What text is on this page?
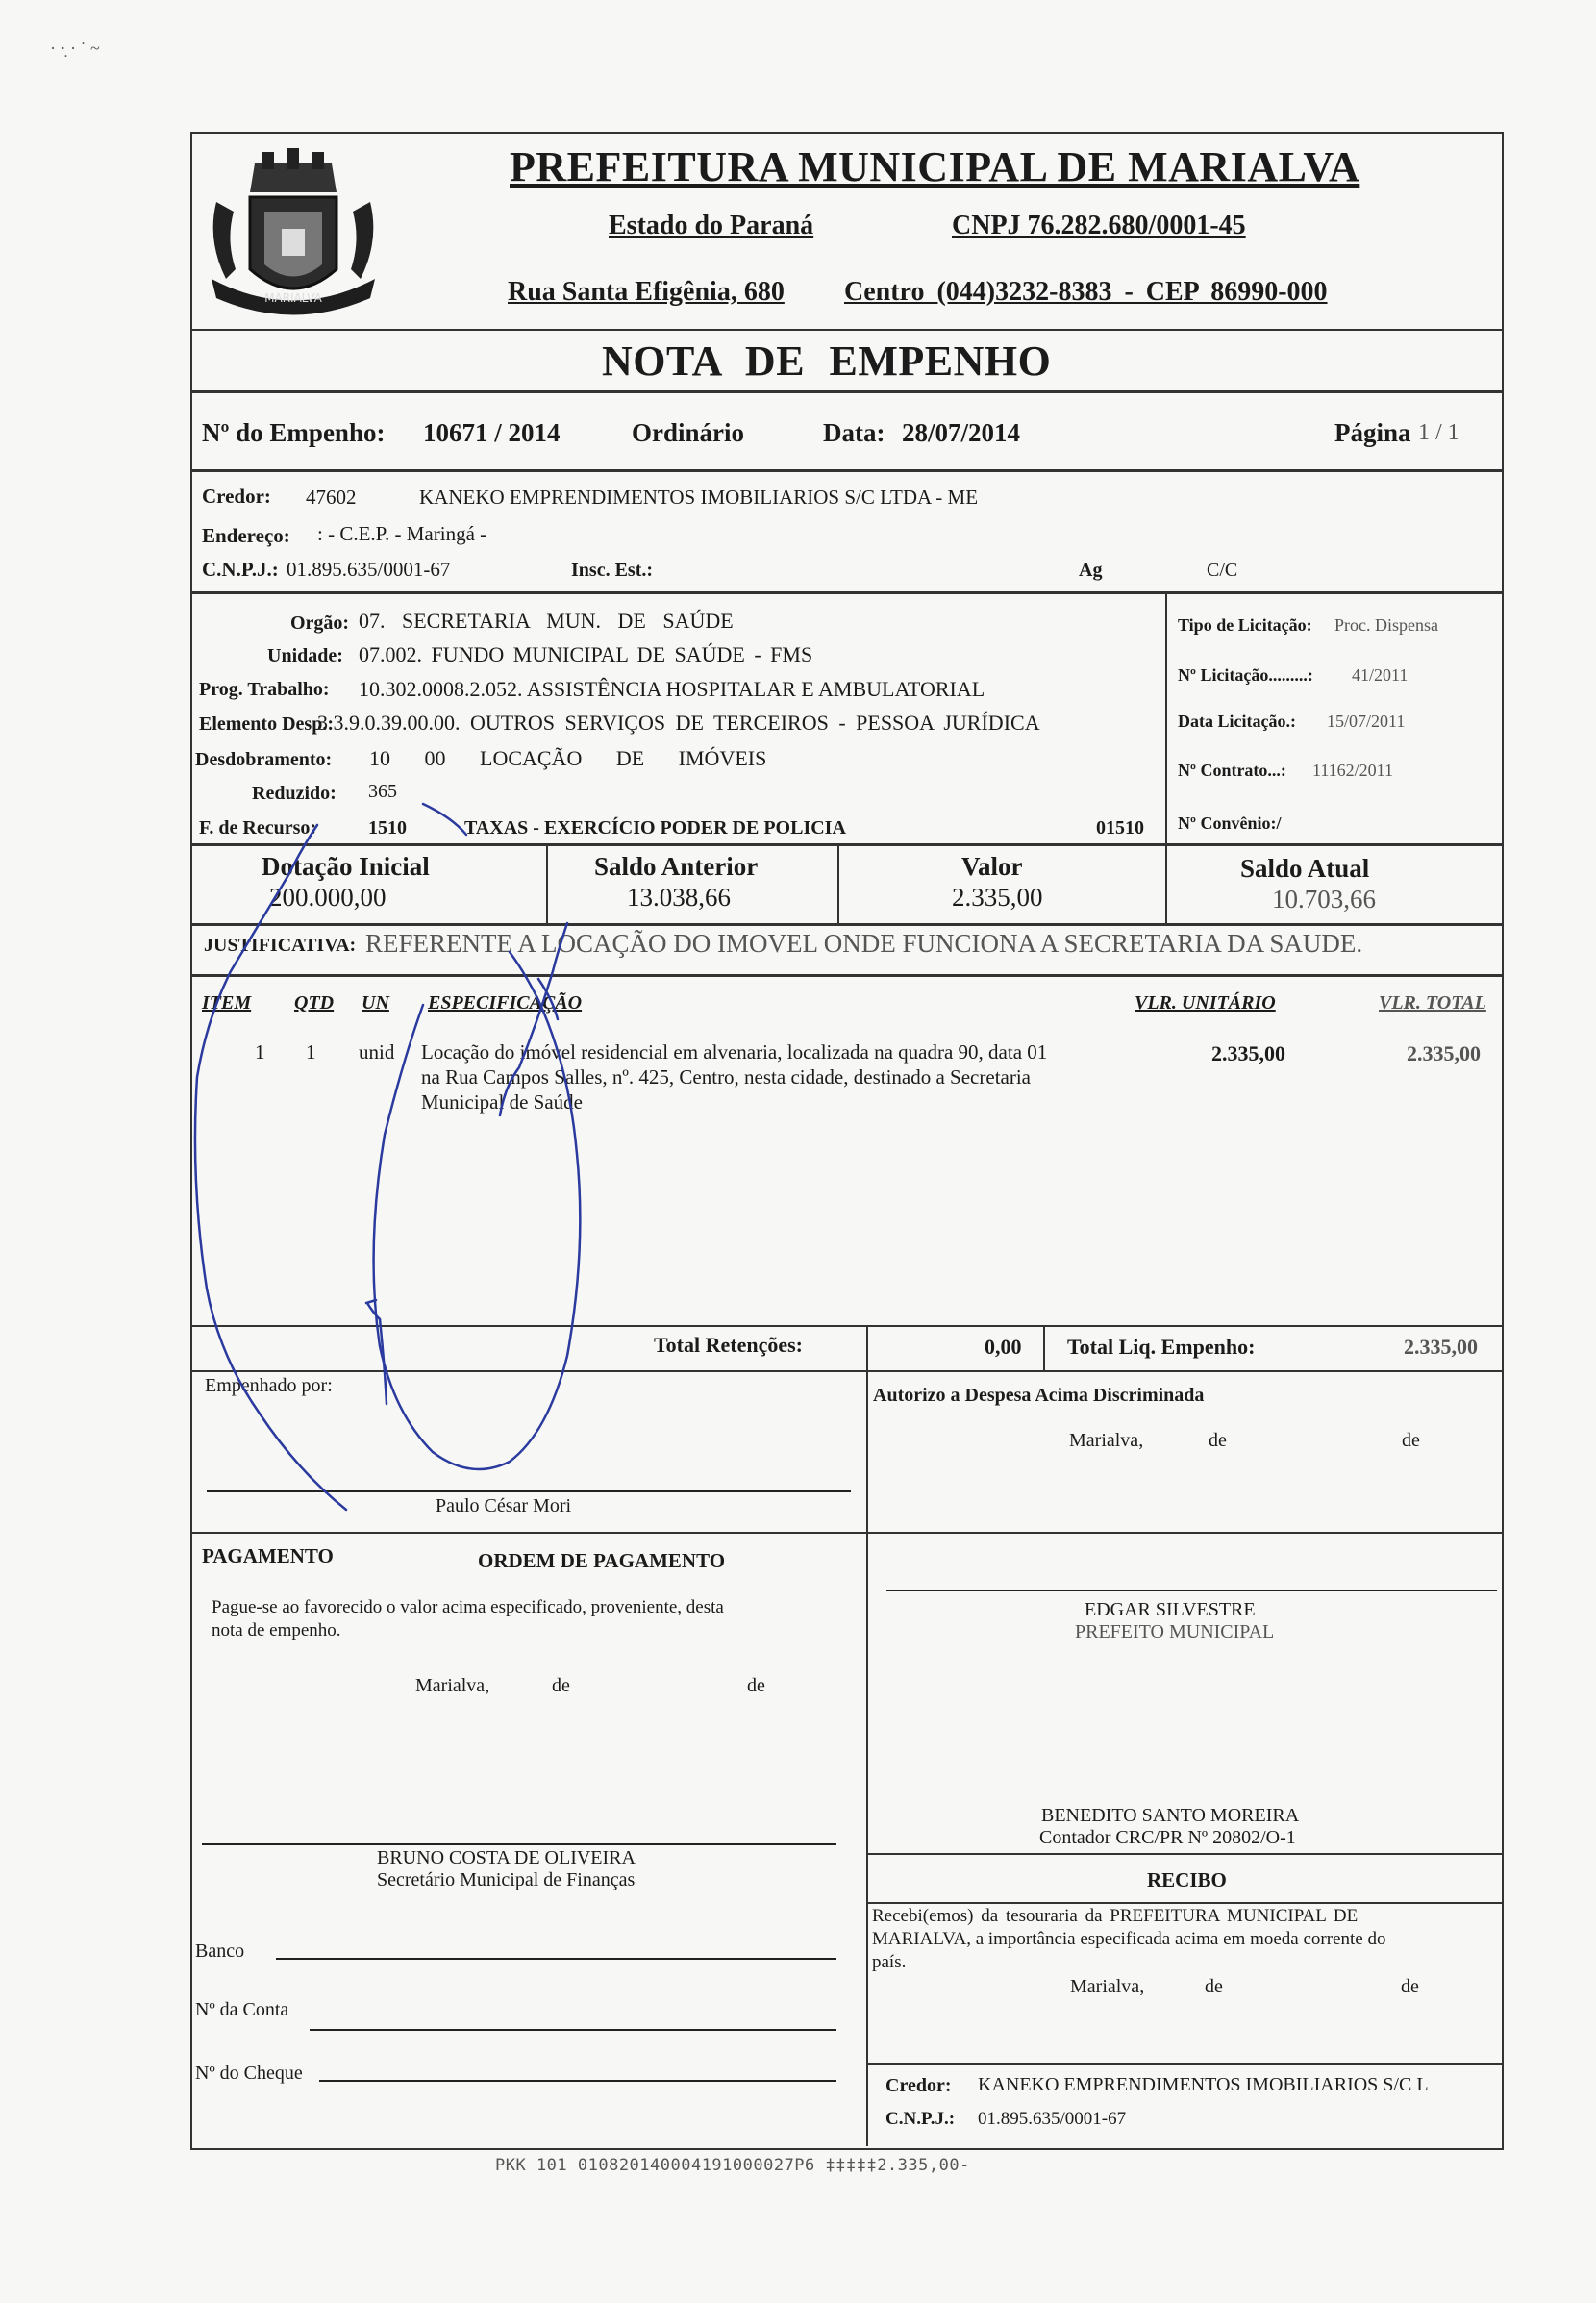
· ·̣ · ˙ ~
MARIALVA
PREFEITURA MUNICIPAL DE MARIALVA
Estado do Paraná	CNPJ 76.282.680/0001-45
Rua Santa Efigênia, 680 Centro (044)3232-8383 - CEP 86990-000
NOTA DE EMPENHO
Nº do Empenho: 10671 / 2014	Ordinário	Data: 28/07/2014	Página 1 / 1
Credor: 47602	KANEKO EMPRENDIMENTOS IMOBILIARIOS S/C LTDA - ME
Endereço: : - C.E.P. - Maringá -
C.N.P.J.: 01.895.635/0001-67	Insc. Est.:	Ag	C/C
Orgão: 07. SECRETARIA MUN. DE SAÚDE
Unidade: 07.002. FUNDO MUNICIPAL DE SAÚDE - FMS
Prog. Trabalho: 10.302.0008.2.052. ASSISTÊNCIA HOSPITALAR E AMBULATORIAL
Elemento Desp.:
3.3.9.0.39.00.00. OUTROS SERVIÇOS DE TERCEIROS - PESSOA JURÍDICA
Desdobramento: 10 00 LOCAÇÃO DE IMÓVEIS
Reduzido: 365
F. de Recurso:	1510	TAXAS - EXERCÍCIO PODER DE POLICIA	01510
Tipo de Licitação: Proc. Dispensa
Nº Licitação.........: 41/2011
Data Licitação.: 15/07/2011
Nº Contrato...: 11162/2011
Nº Convênio:/
Dotação Inicial
200.000,00
Saldo Anterior
13.038,66
Valor
2.335,00
Saldo Atual
10.703,66
JUSTIFICATIVA: REFERENTE A LOCAÇÃO DO IMOVEL ONDE FUNCIONA A SECRETARIA DA SAUDE.
ITEM QTD UN ESPECIFICAÇÃO	VLR. UNITÁRIO	VLR. TOTAL
1 1 unid Locação do imóvel residencial em alvenaria, localizada na quadra 90, data 01
na Rua Campos Salles, nº. 425, Centro, nesta cidade, destinado a Secretaria
Municipal de Saúde
2.335,00	2.335,00
Total Retenções:	0,00 Total Liq. Empenho:	2.335,00
Empenhado por:
Paulo César Mori
Autorizo a Despesa Acima Discriminada
Marialva,	de	de
PAGAMENTO	ORDEM DE PAGAMENTO
Pague-se ao favorecido o valor acima especificado, proveniente, desta
nota de empenho.
Marialva,	de	de
EDGAR SILVESTRE
PREFEITO MUNICIPAL
BRUNO COSTA DE OLIVEIRA
Secretário Municipal de Finanças
BENEDITO SANTO MOREIRA
Contador CRC/PR Nº 20802/O-1
RECIBO
Recebi(emos) da tesouraria da PREFEITURA MUNICIPAL DE
MARIALVA, a importância especificada acima em moeda corrente do
país.
Marialva,	de	de
Banco
Nº da Conta
Nº do Cheque
Credor: KANEKO EMPRENDIMENTOS IMOBILIARIOS S/C L
C.N.P.J.: 01.895.635/0001-67
PKK 101 010820140004191000027P6 ‡‡‡‡‡2.335,00-
